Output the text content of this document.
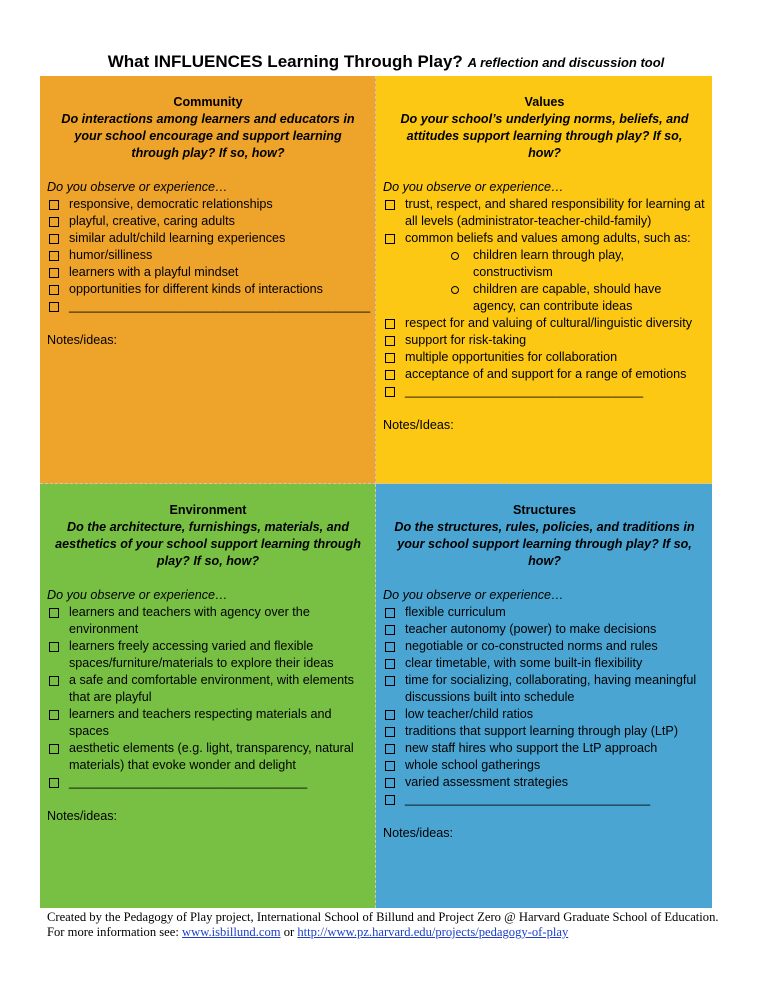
What INFLUENCES Learning Through Play? A reflection and discussion tool
Community
Do interactions among learners and educators in your school encourage and support learning through play? If so, how?
Do you observe or experience…
responsive, democratic relationships
playful, creative, caring adults
similar adult/child learning experiences
humor/silliness
learners with a playful mindset
opportunities for different kinds of interactions
___________________________________________
Notes/ideas:
Values
Do your school’s underlying norms, beliefs, and attitudes support learning through play? If so, how?
Do you observe or experience…
trust, respect, and shared responsibility for learning at all levels (administrator-teacher-child-family)
common beliefs and values among adults, such as:
children learn through play, constructivism
children are capable, should have agency, can contribute ideas
respect for and valuing of cultural/linguistic diversity
support for risk-taking
multiple opportunities for collaboration
acceptance of and support for a range of emotions
__________________________________
Notes/Ideas:
Environment
Do the architecture, furnishings, materials, and aesthetics of your school support learning through play? If so, how?
Do you observe or experience…
learners and teachers with agency over the environment
learners freely accessing varied and flexible spaces/furniture/materials to explore their ideas
a safe and comfortable environment, with elements that are playful
learners and teachers respecting materials and spaces
aesthetic elements (e.g. light, transparency, natural materials) that evoke wonder and delight
__________________________________
Notes/ideas:
Structures
Do the structures, rules, policies, and traditions in your school support learning through play? If so, how?
Do you observe or experience…
flexible curriculum
teacher autonomy (power) to make decisions
negotiable or co-constructed norms and rules
clear timetable, with some built-in flexibility
time for socializing, collaborating, having meaningful discussions built into schedule
low teacher/child ratios
traditions that support learning through play (LtP)
new staff hires who support the LtP approach
whole school gatherings
varied assessment strategies
___________________________________
Notes/ideas:
Created by the Pedagogy of Play project, International School of Billund and Project Zero @ Harvard Graduate School of Education.
For more information see: www.isbillund.com or http://www.pz.harvard.edu/projects/pedagogy-of-play
